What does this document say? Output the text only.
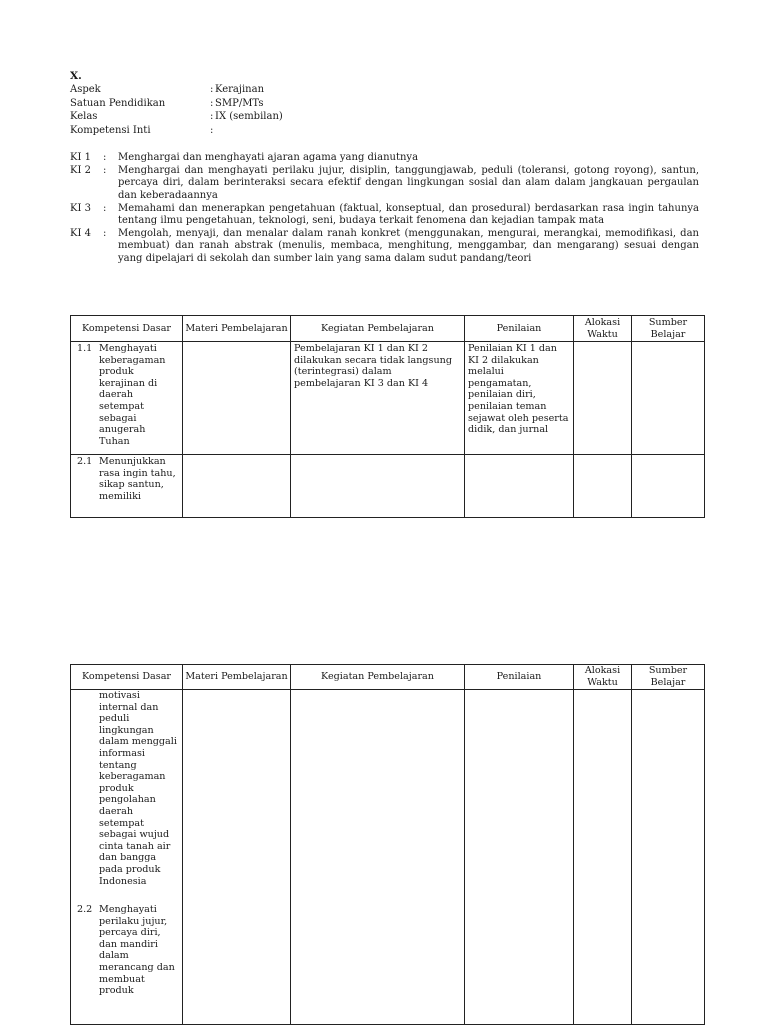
X.
Aspek	: Kerajinan
Satuan Pendidikan	: SMP/MTs
Kelas	: IX (sembilan)
Kompetensi Inti	:
KI 1	:	Menghargai dan menghayati ajaran agama yang dianutnya
KI 2	:	Menghargai dan menghayati perilaku jujur, disiplin, tanggungjawab, peduli (toleransi, gotong royong), santun, percaya diri, dalam berinteraksi secara efektif dengan lingkungan sosial dan alam dalam jangkauan pergaulan dan keberadaannya
KI 3	:	Memahami dan menerapkan pengetahuan (faktual, konseptual, dan prosedural) berdasarkan rasa ingin tahunya tentang ilmu pengetahuan, teknologi, seni, budaya terkait fenomena dan kejadian tampak mata
KI 4	:	Mengolah, menyaji, dan menalar dalam ranah konkret (menggunakan, mengurai, merangkai, memodifikasi, dan membuat) dan ranah abstrak (menulis, membaca, menghitung, menggambar, dan mengarang) sesuai dengan yang dipelajari di sekolah dan sumber lain yang sama dalam sudut pandang/teori
Kompetensi Dasar	Materi Pembelajaran	Kegiatan Pembelajaran	Penilaian	Alokasi Waktu	Sumber Belajar

1.1 Menghayati keberagaman produk kerajinan di daerah setempat sebagai anugerah Tuhan		Pembelajaran KI 1 dan KI 2 dilakukan secara tidak langsung (terintegrasi) dalam pembelajaran KI 3 dan KI 4	Penilaian KI 1 dan KI 2 dilakukan melalui pengamatan, penilaian diri, penilaian teman sejawat oleh peserta didik, dan jurnal		

2.1 Menunjukkan rasa ingin tahu, sikap santun, memiliki					

Kompetensi Dasar	Materi Pembelajaran	Kegiatan Pembelajaran	Penilaian	Alokasi Waktu	Sumber Belajar

motivasi internal dan peduli lingkungan dalam menggali informasi tentang keberagaman produk pengolahan daerah setempat sebagai wujud cinta tanah air dan bangga pada produk Indonesia
2.2 Menghayati perilaku jujur, percaya diri, dan mandiri dalam merancang dan membuat produk					
